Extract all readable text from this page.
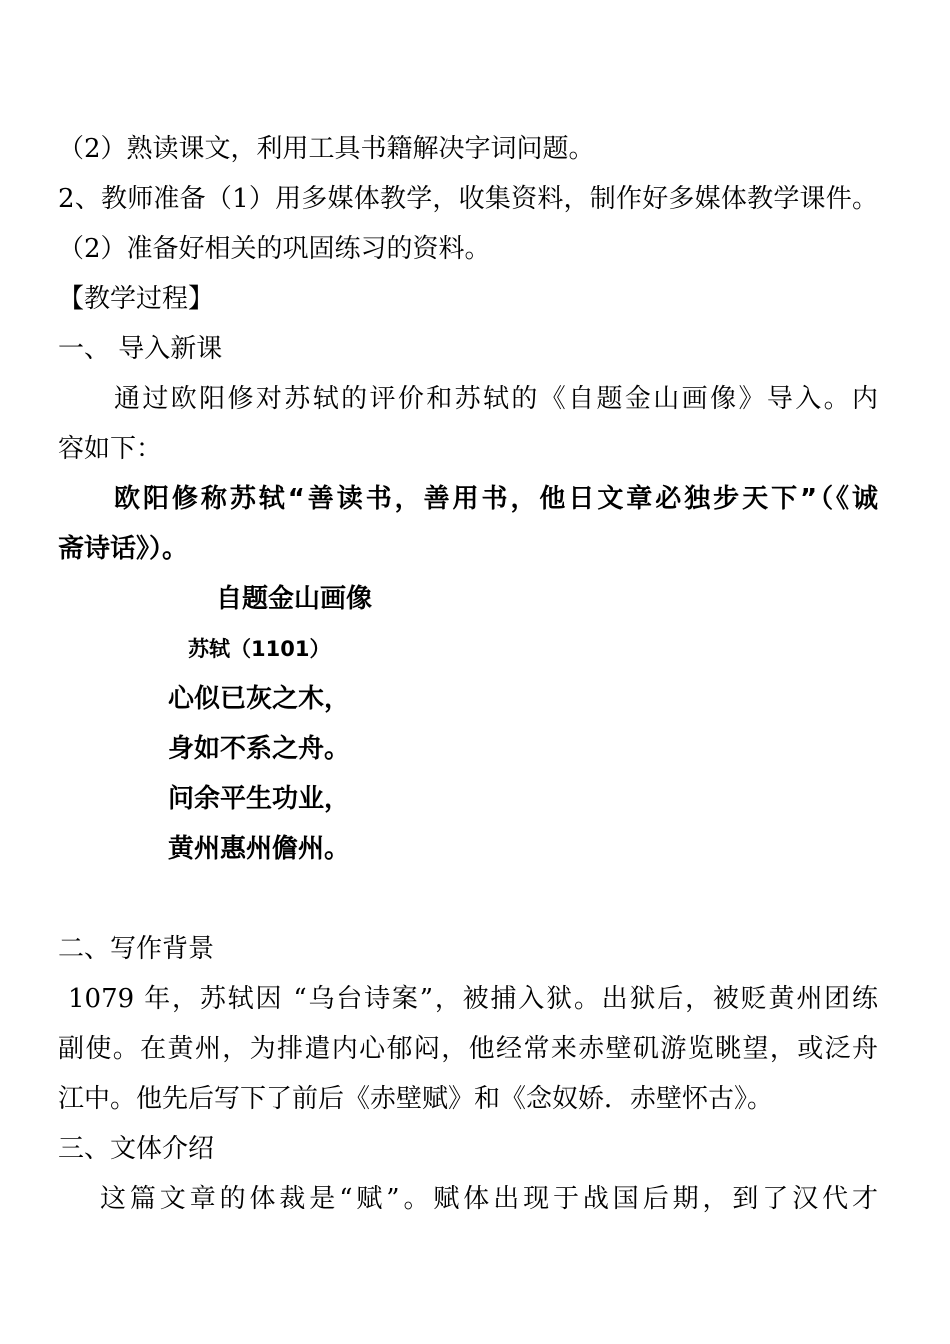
（2）熟读课文，利用工具书籍解决字词问题。
2、教师准备（1）用多媒体教学，收集资料，制作好多媒体教学课件。
（2）准备好相关的巩固练习的资料。
【教学过程】
一、 导入新课
通过欧阳修对苏轼的评价和苏轼的《自题金山画像》导入。内
容如下：
欧阳修称苏轼“善读书，善用书，他日文章必独步天下”（《诚
斋诗话》）。
自题金山画像
苏轼（1101）
心似已灰之木，
身如不系之舟。
问余平生功业，
黄州惠州儋州。
二、写作背景
1079 年，苏轼因 “乌台诗案”，被捕入狱。出狱后，被贬黄州团练
副使。在黄州，为排遣内心郁闷，他经常来赤壁矶游览眺望，或泛舟
江中。他先后写下了前后《赤壁赋》和《念奴娇．赤壁怀古》。
三、文体介绍
这篇文章的体裁是“赋”。赋体出现于战国后期，到了汉代才
